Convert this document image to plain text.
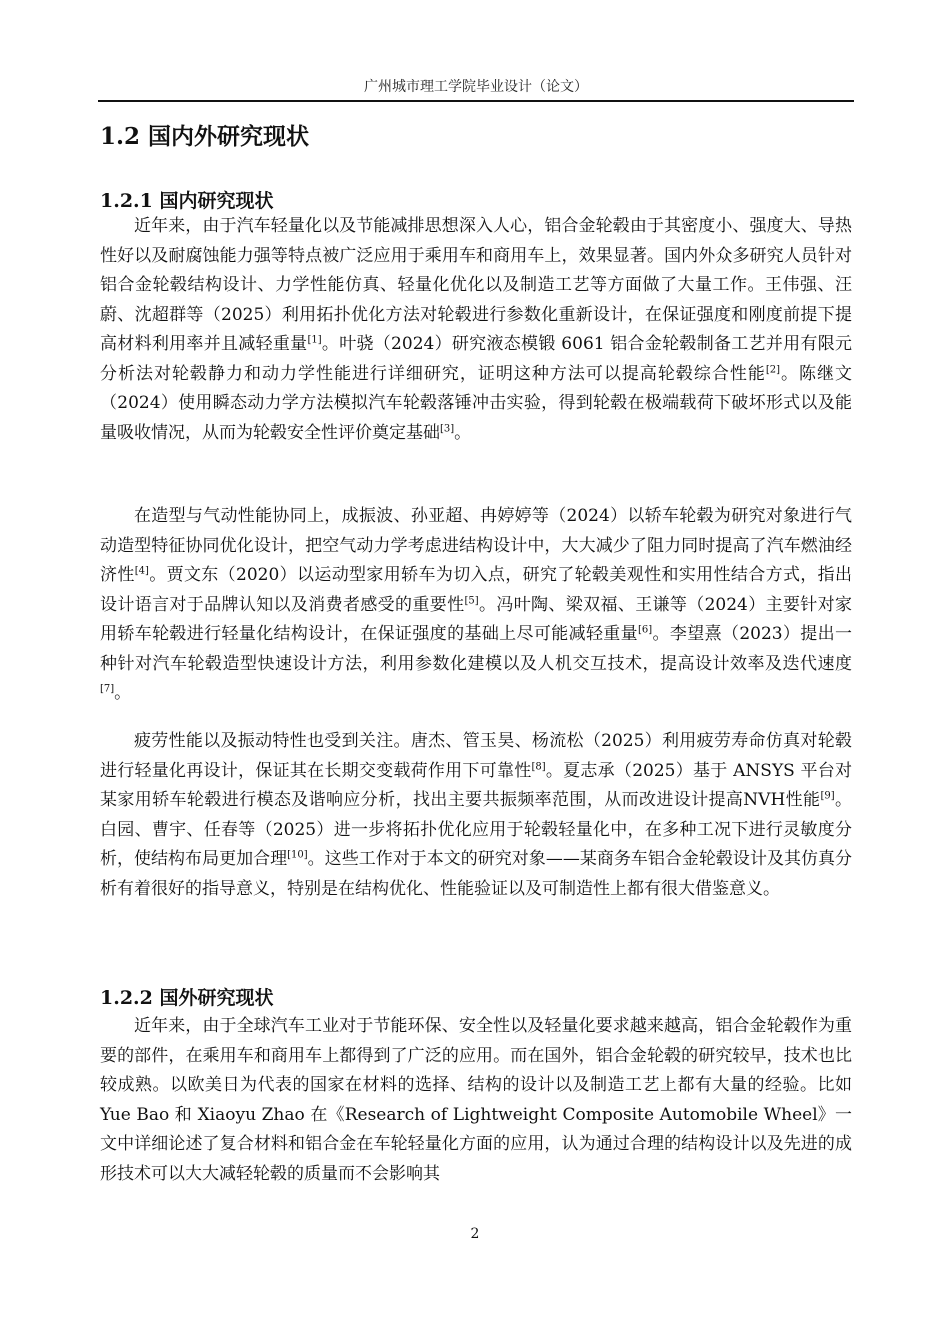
广州城市理工学院毕业设计（论文）
1.2 国内外研究现状
1.2.1 国内研究现状

近年来，由于汽车轻量化以及节能减排思想深入人心，铝合金轮毂由于其密度小、强度大、导热性好以及耐腐蚀能力强等特点被广泛应用于乘用车和商用车上，效果显著。国内外众多研究人员针对铝合金轮毂结构设计、力学性能仿真、轻量化优化以及制造工艺等方面做了大量工作。王伟强、汪蔚、沈超群等（2025）利用拓扑优化方法对轮毂进行参数化重新设计，在保证强度和刚度前提下提高材料利用率并且减轻重量[1]。叶骁（2024）研究液态模锻 6061 铝合金轮毂制备工艺并用有限元分析法对轮毂静力和动力学性能进行详细研究，证明这种方法可以提高轮毂综合性能[2]。陈继文（2024）使用瞬态动力学方法模拟汽车轮毂落锤冲击实验，得到轮毂在极端载荷下破坏形式以及能量吸收情况，从而为轮毂安全性评价奠定基础[3]。

在造型与气动性能协同上，成振波、孙亚超、冉婷婷等（2024）以轿车轮毂为研究对象进行气动造型特征协同优化设计，把空气动力学考虑进结构设计中，大大减少了阻力同时提高了汽车燃油经济性[4]。贾文东（2020）以运动型家用轿车为切入点，研究了轮毂美观性和实用性结合方式，指出设计语言对于品牌认知以及消费者感受的重要性[5]。冯叶陶、梁双福、王谦等（2024）主要针对家用轿车轮毂进行轻量化结构设计，在保证强度的基础上尽可能减轻重量[6]。李望熹（2023）提出一种针对汽车轮毂造型快速设计方法，利用参数化建模以及人机交互技术，提高设计效率及迭代速度[7]。

疲劳性能以及振动特性也受到关注。唐杰、管玉昊、杨流松（2025）利用疲劳寿命仿真对轮毂进行轻量化再设计，保证其在长期交变载荷作用下可靠性[8]。夏志承（2025）基于 ANSYS 平台对某家用轿车轮毂进行模态及谐响应分析，找出主要共振频率范围，从而改进设计提高NVH性能[9]。白园、曹宇、任春等（2025）进一步将拓扑优化应用于轮毂轻量化中，在多种工况下进行灵敏度分析，使结构布局更加合理[10]。这些工作对于本文的研究对象——某商务车铝合金轮毂设计及其仿真分析有着很好的指导意义，特别是在结构优化、性能验证以及可制造性上都有很大借鉴意义。

1.2.2 国外研究现状

近年来，由于全球汽车工业对于节能环保、安全性以及轻量化要求越来越高，铝合金轮毂作为重要的部件，在乘用车和商用车上都得到了广泛的应用。而在国外，铝合金轮毂的研究较早，技术也比较成熟。以欧美日为代表的国家在材料的选择、结构的设计以及制造工艺上都有大量的经验。比如 Yue Bao 和 Xiaoyu Zhao 在《Research of Lightweight Composite Automobile Wheel》一文中详细论述了复合材料和铝合金在车轮轻量化方面的应用，认为通过合理的结构设计以及先进的成形技术可以大大减轻轮毂的质量而不会影响其

2
